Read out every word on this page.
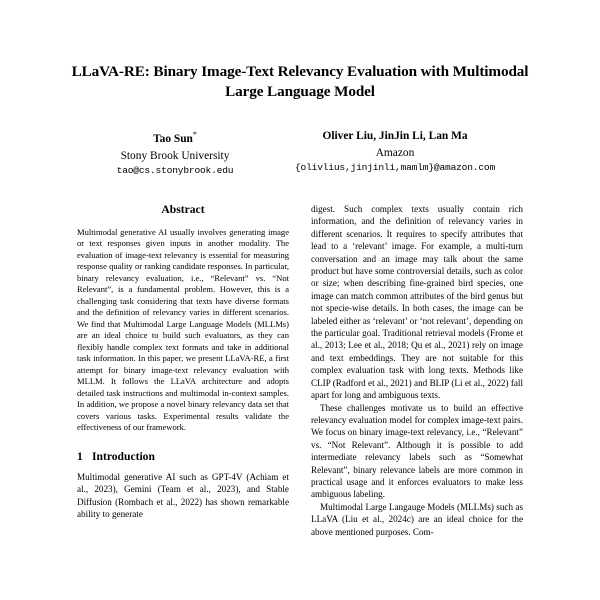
LLaVA-RE: Binary Image-Text Relevancy Evaluation with Multimodal Large Language Model
Tao Sun*
Stony Brook University
tao@cs.stonybrook.edu
Oliver Liu, JinJin Li, Lan Ma
Amazon
{olivlius,jinjinli,mamlm}@amazon.com
Abstract

Multimodal generative AI usually involves generating image or text responses given inputs in another modality. The evaluation of image-text relevancy is essential for measuring response quality or ranking candidate responses. In particular, binary relevancy evaluation, i.e., “Relevant” vs. “Not Relevant”, is a fundamental problem. However, this is a challenging task considering that texts have diverse formats and the definition of relevancy varies in different scenarios. We find that Multimodal Large Language Models (MLLMs) are an ideal choice to build such evaluators, as they can flexibly handle complex text formats and take in additional task information. In this paper, we present LLaVA-RE, a first attempt for binary image-text relevancy evaluation with MLLM. It follows the LLaVA architecture and adopts detailed task instructions and multimodal in-context samples. In addition, we propose a novel binary relevancy data set that covers various tasks. Experimental results validate the effectiveness of our framework.

1 Introduction

Multimodal generative AI such as GPT-4V (Achiam et al., 2023), Gemini (Team et al., 2023), and Stable Diffusion (Rombach et al., 2022) has shown remarkable ability to generate

digest. Such complex texts usually contain rich information, and the definition of relevancy varies in different scenarios. It requires to specify attributes that lead to a ‘relevant’ image. For example, a multi-turn conversation and an image may talk about the same product but have some controversial details, such as color or size; when describing fine-grained bird species, one image can match common attributes of the bird genus but not specie-wise details. In both cases, the image can be labeled either as ‘relevant’ or ‘not relevant’, depending on the particular goal. Traditional retrieval models (Frome et al., 2013; Lee et al., 2018; Qu et al., 2021) rely on image and text embeddings. They are not suitable for this complex evaluation task with long texts. Methods like CLIP (Radford et al., 2021) and BLIP (Li et al., 2022) fall apart for long and ambiguous texts.

These challenges motivate us to build an effective relevancy evaluation model for complex image-text pairs. We focus on binary image-text relevancy, i.e., “Relevant” vs. “Not Relevant”. Although it is possible to add intermediate relevancy labels such as “Somewhat Relevant”, binary relevance labels are more common in practical usage and it enforces evaluators to make less ambiguous labeling.

Multimodal Large Langauge Models (MLLMs) such as LLaVA (Liu et al., 2024c) are an ideal choice for the above mentioned purposes. Com-
